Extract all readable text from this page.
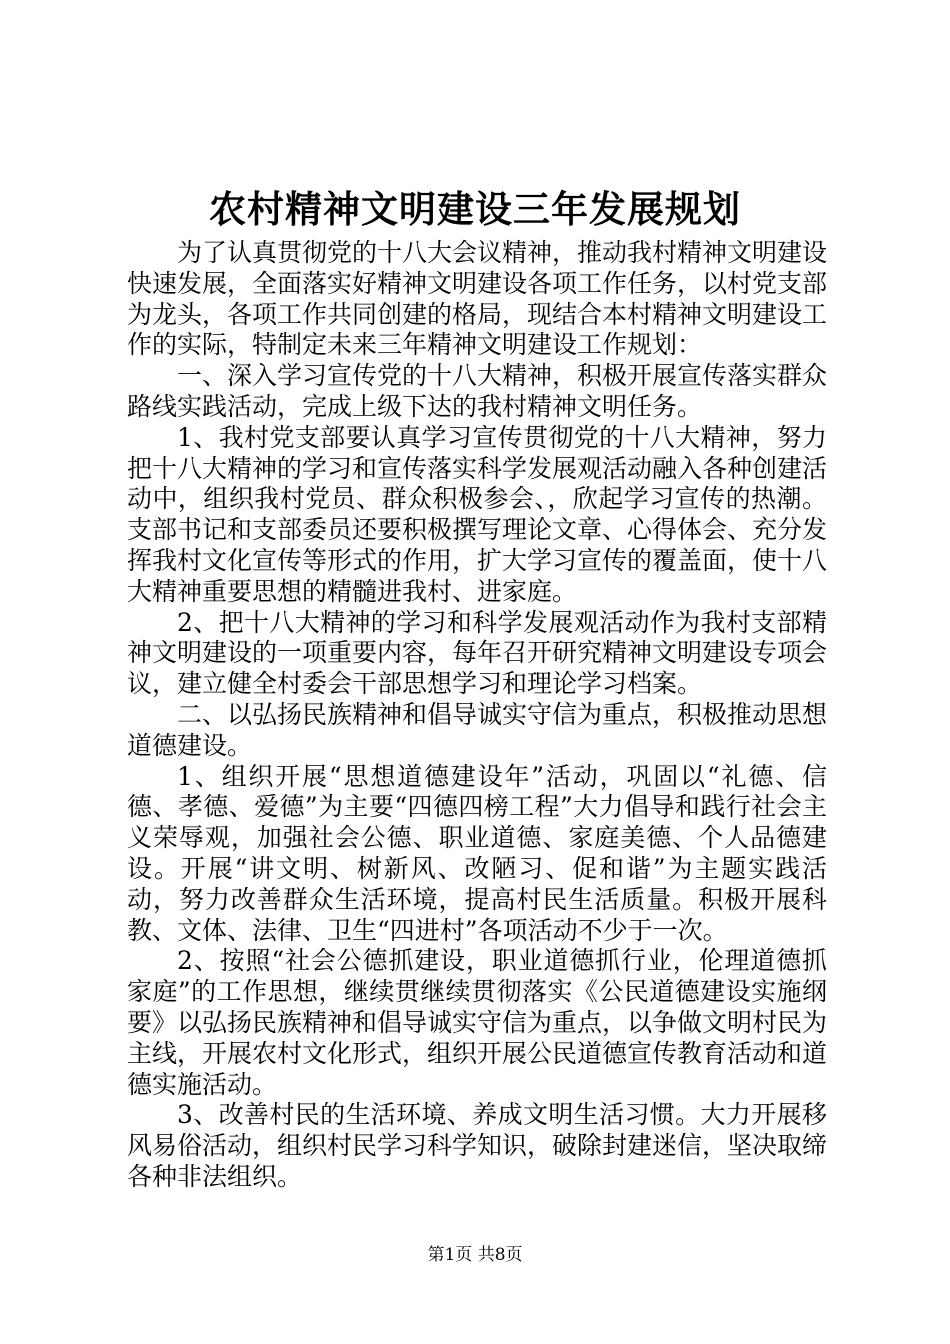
农村精神文明建设三年发展规划

为了认真贯彻党的十八大会议精神，推动我村精神文明建设快速发展，全面落实好精神文明建设各项工作任务，以村党支部为龙头，各项工作共同创建的格局，现结合本村精神文明建设工作的实际，特制定未来三年精神文明建设工作规划：

一、深入学习宣传党的十八大精神，积极开展宣传落实群众路线实践活动，完成上级下达的我村精神文明任务。

1、我村党支部要认真学习宣传贯彻党的十八大精神，努力把十八大精神的学习和宣传落实科学发展观活动融入各种创建活动中，组织我村党员、群众积极参会、，欣起学习宣传的热潮。支部书记和支部委员还要积极撰写理论文章、心得体会、充分发挥我村文化宣传等形式的作用，扩大学习宣传的覆盖面，使十八大精神重要思想的精髓进我村、进家庭。

2、把十八大精神的学习和科学发展观活动作为我村支部精神文明建设的一项重要内容，每年召开研究精神文明建设专项会议，建立健全村委会干部思想学习和理论学习档案。

二、以弘扬民族精神和倡导诚实守信为重点，积极推动思想道德建设。

1、组织开展“思想道德建设年”活动，巩固以“礼德、信德、孝德、爱德”为主要“四德四榜工程”大力倡导和践行社会主义荣辱观，加强社会公德、职业道德、家庭美德、个人品德建设。开展“讲文明、树新风、改陋习、促和谐”为主题实践活动，努力改善群众生活环境，提高村民生活质量。积极开展科教、文体、法律、卫生“四进村”各项活动不少于一次。

2、按照“社会公德抓建设，职业道德抓行业，伦理道德抓家庭”的工作思想，继续贯继续贯彻落实《公民道德建设实施纲要》以弘扬民族精神和倡导诚实守信为重点，以争做文明村民为主线，开展农村文化形式，组织开展公民道德宣传教育活动和道德实施活动。

3、改善村民的生活环境、养成文明生活习惯。大力开展移风易俗活动，组织村民学习科学知识，破除封建迷信，坚决取缔各种非法组织。

第1页 共8页
